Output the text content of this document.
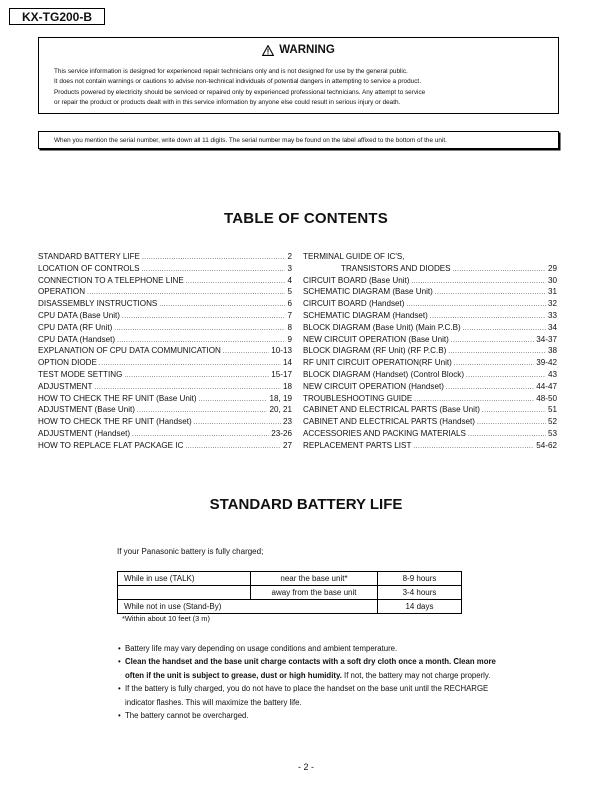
KX-TG200-B
WARNING
This service information is designed for experienced repair technicians only and is not designed for use by the general public.
It does not contain warnings or cautions to advise non-technical individuals of potential dangers in attempting to service a product.
Products powered by electricity should be serviced or repaired only by experienced professional technicians. Any attempt to service
or repair the product or products dealt with in this service information by anyone else could result in serious injury or death.
When you mention the serial number, write down all 11 digits. The serial number may be found on the label affixed to the bottom of the unit.
TABLE OF CONTENTS
STANDARD BATTERY LIFE .....	2
LOCATION OF CONTROLS .....	3
CONNECTION TO A TELEPHONE LINE .....	4
OPERATION .....	5
DISASSEMBLY INSTRUCTIONS .....	6
CPU DATA (Base Unit) .....	7
CPU DATA (RF Unit) .....	8
CPU DATA (Handset) .....	9
EXPLANATION OF CPU DATA COMMUNICATION .....	10-13
OPTION DIODE .....	14
TEST MODE SETTING .....	15-17
ADJUSTMENT .....	18
HOW TO CHECK THE RF UNIT (Base Unit) .....	18, 19
ADJUSTMENT (Base Unit) .....	20, 21
HOW TO CHECK THE RF UNIT (Handset) .....	23
ADJUSTMENT (Handset) .....	23-26
HOW TO REPLACE FLAT PACKAGE IC .....	27
TERMINAL GUIDE OF IC'S,
TRANSISTORS AND DIODES .....	29
CIRCUIT BOARD (Base Unit) .....	30
SCHEMATIC DIAGRAM (Base Unit) .....	31
CIRCUIT BOARD (Handset) .....	32
SCHEMATIC DIAGRAM (Handset) .....	33
BLOCK DIAGRAM (Base Unit) (Main P.C.B) .....	34
NEW CIRCUIT OPERATION (Base Unit) .....	34-37
BLOCK DIAGRAM (RF Unit) (RF P.C.B) .....	38
RF UNIT CIRCUIT OPERATION(RF Unit) .....	39-42
BLOCK DIAGRAM (Handset) (Control Block) .....	43
NEW CIRCUIT OPERATION (Handset) .....	44-47
TROUBLESHOOTING GUIDE .....	48-50
CABINET AND ELECTRICAL PARTS (Base Unit) .....	51
CABINET AND ELECTRICAL PARTS (Handset) .....	52
ACCESSORIES AND PACKING MATERIALS .....	53
REPLACEMENT PARTS LIST .....	54-62
STANDARD BATTERY LIFE
If your Panasonic battery is fully charged;
While in use (TALK)	near the base unit*	8-9 hours
	away from the base unit	3-4 hours
While not in use (Stand-By)		14 days
*Within about 10 feet (3 m)
• Battery life may vary depending on usage conditions and ambient temperature.
• Clean the handset and the base unit charge contacts with a soft dry cloth once a month. Clean more often if the unit is subject to grease, dust or high humidity. If not, the battery may not charge properly.
• If the battery is fully charged, you do not have to place the handset on the base unit until the RECHARGE indicator flashes. This will maximize the battery life.
• The battery cannot be overcharged.
- 2 -
